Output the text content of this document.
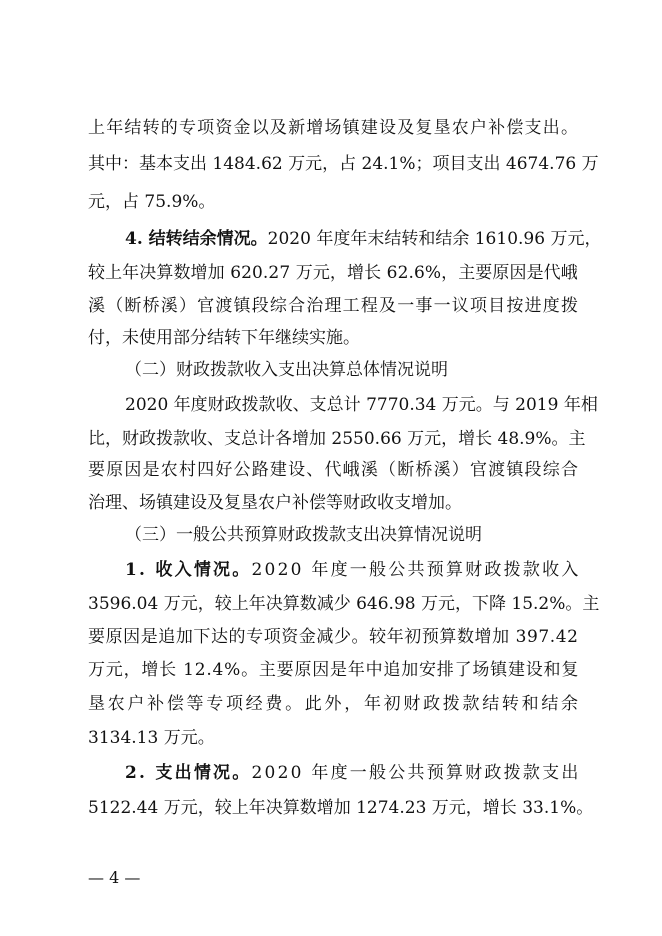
上年结转的专项资金以及新增场镇建设及复垦农户补偿支出。
其中：基本支出 1484.62 万元，占 24.1%；项目支出 4674.76 万
元，占 75.9%。
4. 结转结余情况。2020 年度年末结转和结余 1610.96 万元，
较上年决算数增加 620.27 万元，增长 62.6%，主要原因是代峨
溪（断桥溪）官渡镇段综合治理工程及一事一议项目按进度拨
付，未使用部分结转下年继续实施。
（二）财政拨款收入支出决算总体情况说明
2020 年度财政拨款收、支总计 7770.34 万元。与 2019 年相
比，财政拨款收、支总计各增加 2550.66 万元，增长 48.9%。主
要原因是农村四好公路建设、代峨溪（断桥溪）官渡镇段综合
治理、场镇建设及复垦农户补偿等财政收支增加。
（三）一般公共预算财政拨款支出决算情况说明
1. 收入情况。2020 年度一般公共预算财政拨款收入
3596.04 万元，较上年决算数减少 646.98 万元，下降 15.2%。主
要原因是追加下达的专项资金减少。较年初预算数增加 397.42
万元，增长 12.4%。主要原因是年中追加安排了场镇建设和复
垦农户补偿等专项经费。此外，年初财政拨款结转和结余
3134.13 万元。
2. 支出情况。2020 年度一般公共预算财政拨款支出
5122.44 万元，较上年决算数增加 1274.23 万元，增长 33.1%。
— 4 —
